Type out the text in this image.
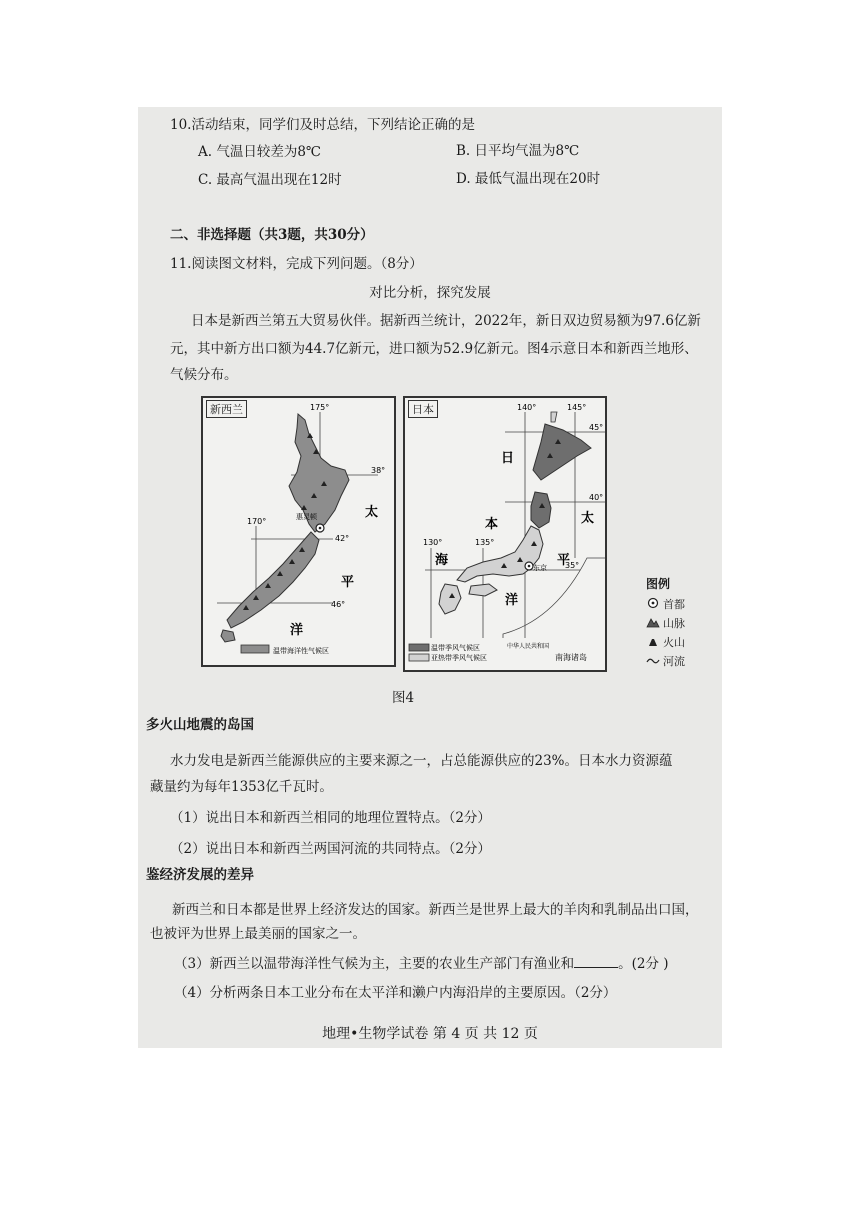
10.活动结束，同学们及时总结，下列结论正确的是
A. 气温日较差为8℃	B. 日平均气温为8℃
C. 最高气温出现在12时	D. 最低气温出现在20时
二、非选择题（共3题，共30分）
11.阅读图文材料，完成下列问题。（8分）
对比分析，探究发展
日本是新西兰第五大贸易伙伴。据新西兰统计，2022年，新日双边贸易额为97.6亿新
元，其中新方出口额为44.7亿新元，进口额为52.9亿新元。图4示意日本和新西兰地形、
气候分布。
新西兰	175°
170°
38°
42°
46°
惠灵顿	太
平
洋
温带海洋性气候区
日本	140°	145°
130°	135°
45°
40°
35°
东京
日
本
海
太
平
洋
温带季风气候区
亚热带季风气候区
中华人民共和国
南海诸岛
图例
首都
山脉
火山
河流
图4
多火山地震的岛国
水力发电是新西兰能源供应的主要来源之一，占总能源供应的23%。日本水力资源蕴
藏量约为每年1353亿千瓦时。
（1）说出日本和新西兰相同的地理位置特点。（2分）
（2）说出日本和新西兰两国河流的共同特点。（2分）
鉴经济发展的差异
新西兰和日本都是世界上经济发达的国家。新西兰是世界上最大的羊肉和乳制品出口国，
也被评为世界上最美丽的国家之一。
（3）新西兰以温带海洋性气候为主，主要的农业生产部门有渔业和	。(2分 )
（4）分析两条日本工业分布在太平洋和濑户内海沿岸的主要原因。（2分）
地理•生物学试卷 第 4 页 共 12 页
